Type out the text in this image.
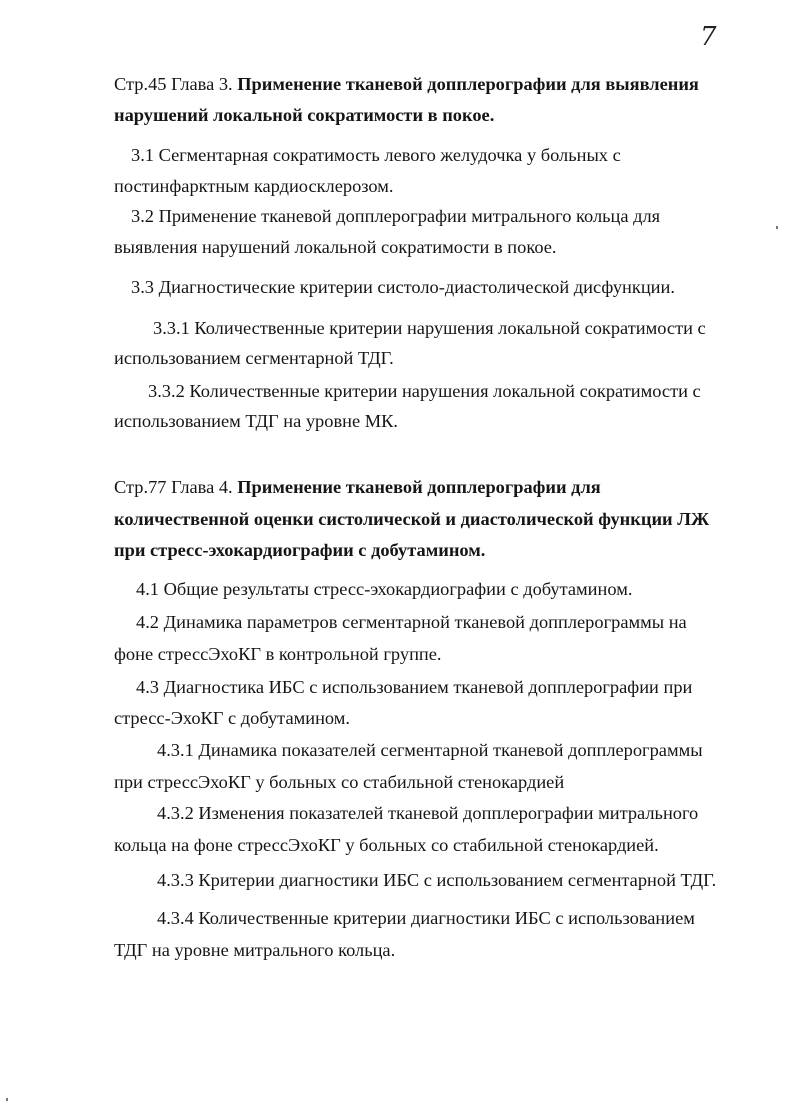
7
Стр.45 Глава 3. Применение тканевой допплерографии для выявления
нарушений локальной сократимости в покое.
3.1 Сегментарная сократимость левого желудочка у больных с
постинфарктным кардиосклерозом.
3.2 Применение тканевой допплерографии митрального кольца для
выявления нарушений локальной сократимости в покое.
3.3 Диагностические критерии систоло-диастолической дисфункции.
3.3.1 Количественные критерии нарушения локальной сократимости с
использованием сегментарной ТДГ.
3.3.2 Количественные критерии нарушения локальной сократимости с
использованием ТДГ на уровне МК.
Стр.77 Глава 4. Применение тканевой допплерографии для
количественной оценки систолической и диастолической функции ЛЖ
при стресс-эхокардиографии с добутамином.
4.1 Общие результаты стресс-эхокардиографии с добутамином.
4.2 Динамика параметров сегментарной тканевой допплерограммы на
фоне стрессЭхоКГ в контрольной группе.
4.3 Диагностика ИБС с использованием тканевой допплерографии при
стресс-ЭхоКГ с добутамином.
4.3.1 Динамика показателей сегментарной тканевой допплерограммы
при стрессЭхоКГ у больных со стабильной стенокардией
4.3.2 Изменения показателей тканевой допплерографии митрального
кольца на фоне стрессЭхоКГ у больных со стабильной стенокардией.
4.3.3 Критерии диагностики ИБС с использованием сегментарной ТДГ.
4.3.4 Количественные критерии диагностики ИБС с использованием
ТДГ на уровне митрального кольца.
